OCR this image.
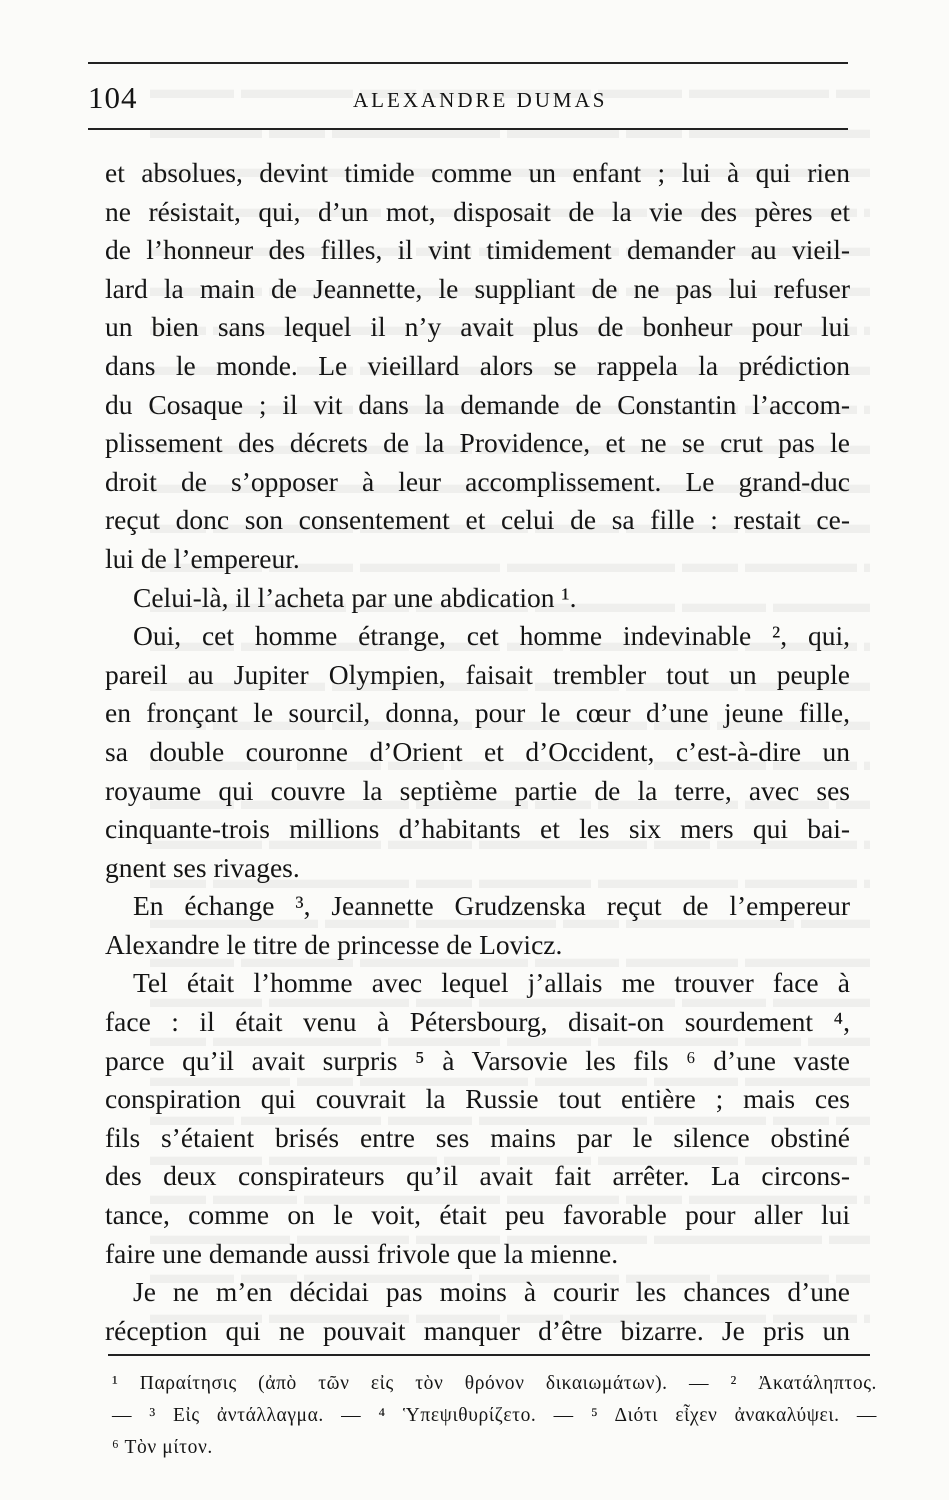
104	ALEXANDRE DUMAS
et absolues, devint timide comme un enfant ; lui à qui rien
ne résistait, qui, d’un mot, disposait de la vie des pères et
de l’honneur des filles, il vint timidement demander au vieil-
lard la main de Jeannette, le suppliant de ne pas lui refuser
un bien sans lequel il n’y avait plus de bonheur pour lui
dans le monde. Le vieillard alors se rappela la prédiction
du Cosaque ; il vit dans la demande de Constantin l’accom-
plissement des décrets de la Providence, et ne se crut pas le
droit de s’opposer à leur accomplissement. Le grand-duc
reçut donc son consentement et celui de sa fille : restait ce-
lui de l’empereur.
Celui-là, il l’acheta par une abdication ¹.
Oui, cet homme étrange, cet homme indevinable ², qui,
pareil au Jupiter Olympien, faisait trembler tout un peuple
en fronçant le sourcil, donna, pour le cœur d’une jeune fille,
sa double couronne d’Orient et d’Occident, c’est-à-dire un
royaume qui couvre la septième partie de la terre, avec ses
cinquante-trois millions d’habitants et les six mers qui bai-
gnent ses rivages.
En échange ³, Jeannette Grudzenska reçut de l’empereur
Alexandre le titre de princesse de Lovicz.
Tel était l’homme avec lequel j’allais me trouver face à
face : il était venu à Pétersbourg, disait-on sourdement ⁴,
parce qu’il avait surpris ⁵ à Varsovie les fils ⁶ d’une vaste
conspiration qui couvrait la Russie tout entière ; mais ces
fils s’étaient brisés entre ses mains par le silence obstiné
des deux conspirateurs qu’il avait fait arrêter. La circons-
tance, comme on le voit, était peu favorable pour aller lui
faire une demande aussi frivole que la mienne.
Je ne m’en décidai pas moins à courir les chances d’une
réception qui ne pouvait manquer d’être bizarre. Je pris un
¹ Παραίτησις (ἀπὸ τῶν εἰς τὸν θρόνον δικαιωμάτων). — ² Ἀκατάληπτος.
— ³ Εἰς ἀντάλλαγμα. — ⁴ Ὑπεψιθυρίζετο. — ⁵ Διότι εἶχεν ἀνακαλύψει. —
⁶ Τὸν μίτον.
